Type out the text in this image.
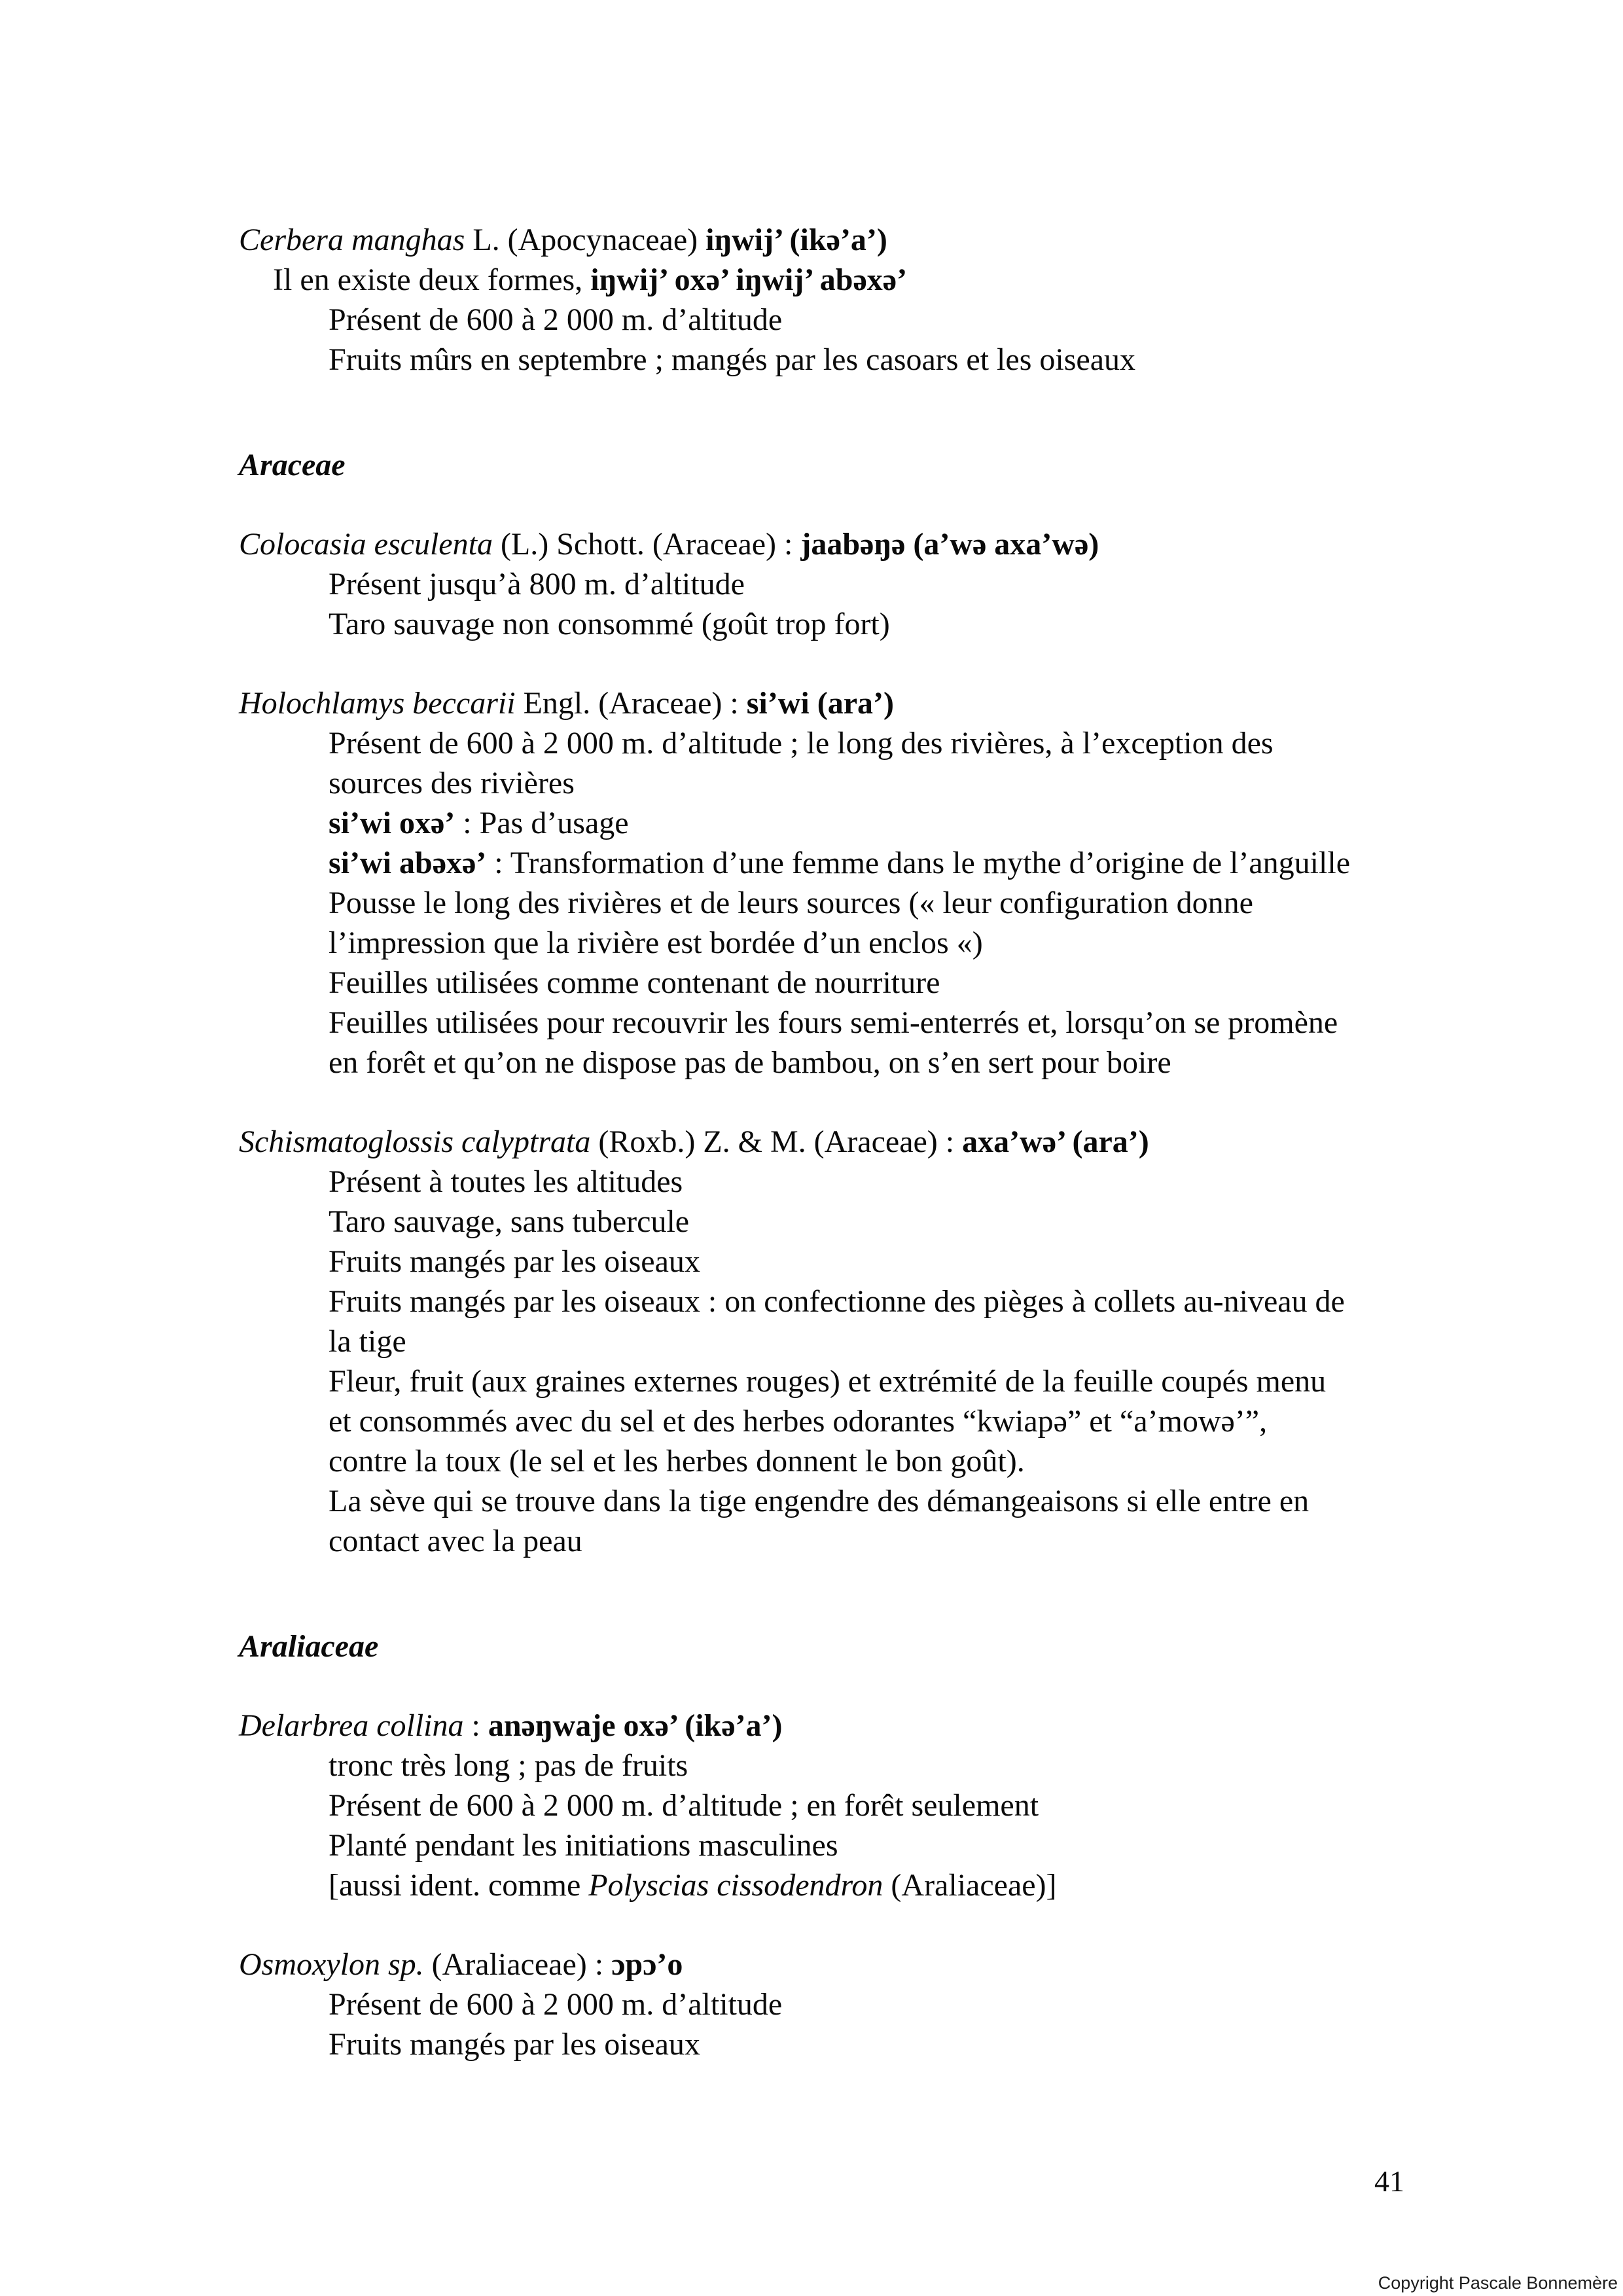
Cerbera manghas L. (Apocynaceae) iŋwij’ (ikə’a’)
Il en existe deux formes, iŋwij’ oxə’ iŋwij’ abəxə’
Présent de 600 à 2 000 m. d’altitude
Fruits mûrs en septembre ; mangés par les casoars et les oiseaux
Araceae
Colocasia esculenta (L.) Schott. (Araceae) : jaabəŋə (a’wə axa’wə)
Présent jusqu’à 800 m. d’altitude
Taro sauvage non consommé (goût trop fort)
Holochlamys beccarii Engl. (Araceae) : si’wi (ara’)
Présent de 600 à 2 000 m. d’altitude ; le long des rivières, à l’exception des
sources des rivières
si’wi oxə’ : Pas d’usage
si’wi abəxə’ : Transformation d’une femme dans le mythe d’origine de l’anguille
Pousse le long des rivières et de leurs sources (« leur configuration donne
l’impression que la rivière est bordée d’un enclos «)
Feuilles utilisées comme contenant de nourriture
Feuilles utilisées pour recouvrir les fours semi-enterrés et, lorsqu’on se promène
en forêt et qu’on ne dispose pas de bambou, on s’en sert pour boire
Schismatoglossis calyptrata (Roxb.) Z. & M. (Araceae) : axa’wə’ (ara’)
Présent à toutes les altitudes
Taro sauvage, sans tubercule
Fruits mangés par les oiseaux
Fruits mangés par les oiseaux : on confectionne des pièges à collets au-niveau de
la tige
Fleur, fruit (aux graines externes rouges) et extrémité de la feuille coupés menu
et consommés avec du sel et des herbes odorantes “kwiapə” et “a’mowə’”,
contre la toux (le sel et les herbes donnent le bon goût).
La sève qui se trouve dans la tige engendre des démangeaisons si elle entre en
contact avec la peau
Araliaceae
Delarbrea collina : anəŋwaje oxə’ (ikə’a’)
tronc très long ; pas de fruits
Présent de 600 à 2 000 m. d’altitude ; en forêt seulement
Planté pendant les initiations masculines
[aussi ident. comme Polyscias cissodendron (Araliaceae)]
Osmoxylon sp. (Araliaceae) : ɔpɔ’o
Présent de 600 à 2 000 m. d’altitude
Fruits mangés par les oiseaux
41
Copyright Pascale Bonnemère
